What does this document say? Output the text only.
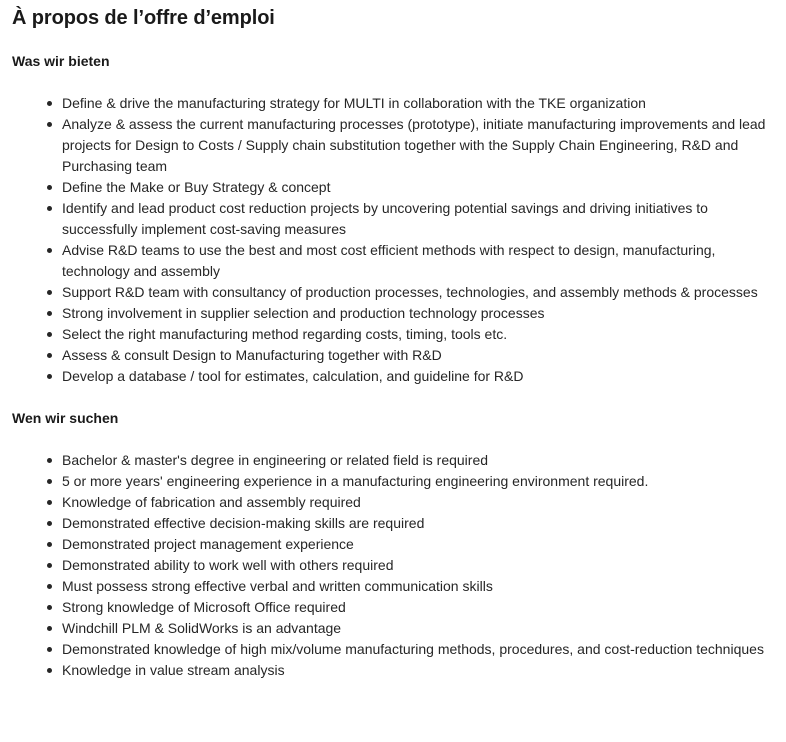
À propos de l’offre d’emploi
Was wir bieten
Define & drive the manufacturing strategy for MULTI in collaboration with the TKE organization
Analyze & assess the current manufacturing processes (prototype), initiate manufacturing improvements and lead projects for Design to Costs / Supply chain substitution together with the Supply Chain Engineering, R&D and Purchasing team
Define the Make or Buy Strategy & concept
Identify and lead product cost reduction projects by uncovering potential savings and driving initiatives to successfully implement cost-saving measures
Advise R&D teams to use the best and most cost efficient methods with respect to design, manufacturing, technology and assembly
Support R&D team with consultancy of production processes, technologies, and assembly methods & processes
Strong involvement in supplier selection and production technology processes
Select the right manufacturing method regarding costs, timing, tools etc.
Assess & consult Design to Manufacturing together with R&D
Develop a database / tool for estimates, calculation, and guideline for R&D
Wen wir suchen
Bachelor & master's degree in engineering or related field is required
5 or more years' engineering experience in a manufacturing engineering environment required.
Knowledge of fabrication and assembly required
Demonstrated effective decision-making skills are required
Demonstrated project management experience
Demonstrated ability to work well with others required
Must possess strong effective verbal and written communication skills
Strong knowledge of Microsoft Office required
Windchill PLM & SolidWorks is an advantage
Demonstrated knowledge of high mix/volume manufacturing methods, procedures, and cost-reduction techniques
Knowledge in value stream analysis
